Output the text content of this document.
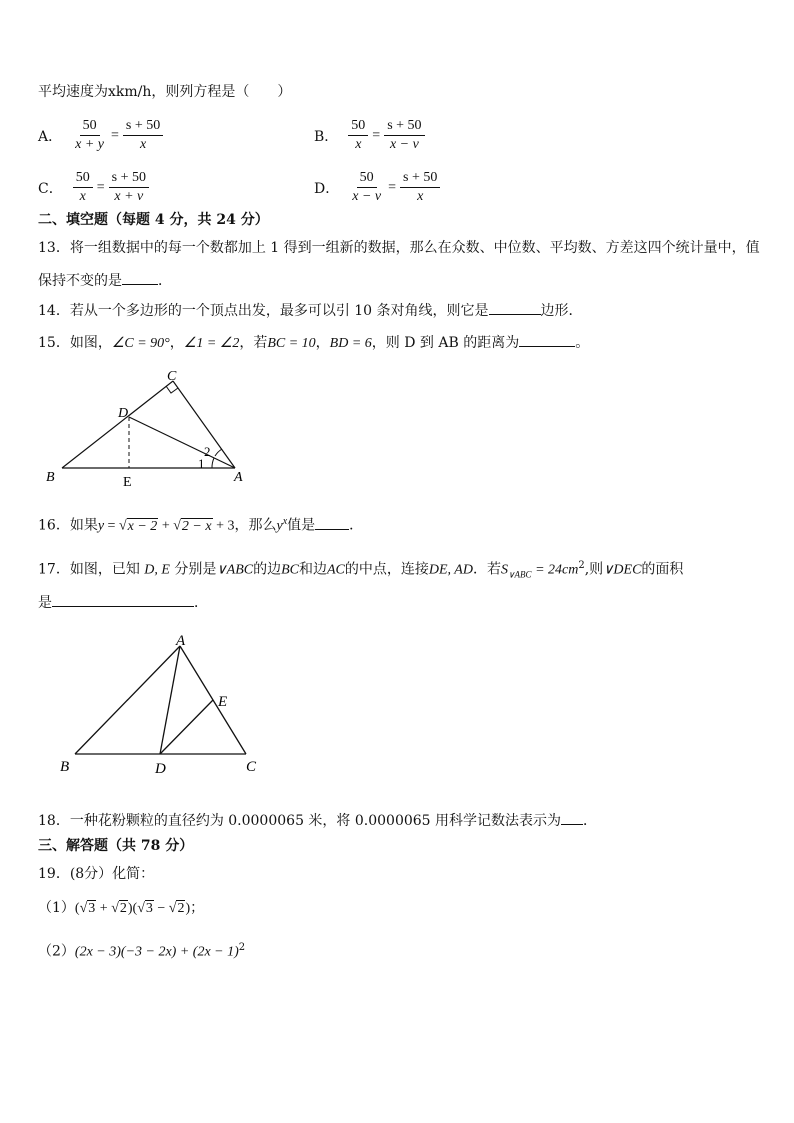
平均速度为xkm/h，则列方程是（　　）
A． $\frac{50}{x + y} = \frac{s + 50}{x}$	B． $\frac{50}{x} = \frac{s + 50}{x - v}$
C． $\frac{50}{x} = \frac{s + 50}{x + v}$	D． $\frac{50}{x - v} = \frac{s + 50}{x}$
二、填空题（每题 4 分，共 24 分）
13．将一组数据中的每一个数都加上 1 得到一组新的数据，那么在众数、中位数、平均数、方差这四个统计量中，值
保持不变的是	．
14．若从一个多边形的一个顶点出发，最多可以引 10 条对角线，则它是	边形．
15．如图，∠C = 90°，∠1 = ∠2，若BC = 10，BD = 6，则 D 到 AB 的距离为	。
C
D
B	E	A
1
2
16．如果y = √x − 2 + √2 − x + 3，那么$y^x$值是 ．
17．如图，已知 D, E 分别是∨ABC的边BC和边AC的中点，连接DE, AD．若$S_{\vee ABC} = 24cm^2$,则∨DEC的面积
是	．
A
E
B	D	C
18．一种花粉颗粒的直径约为 0.0000065 米，将 0.0000065 用科学记数法表示为 ．
三、解答题（共 78 分）
19．(8分）化简：
（1）(√3 + √2)(√3 − √2)；
$(2)(2x - 3)(-3 - 2x) + (2x - 1)^2$
